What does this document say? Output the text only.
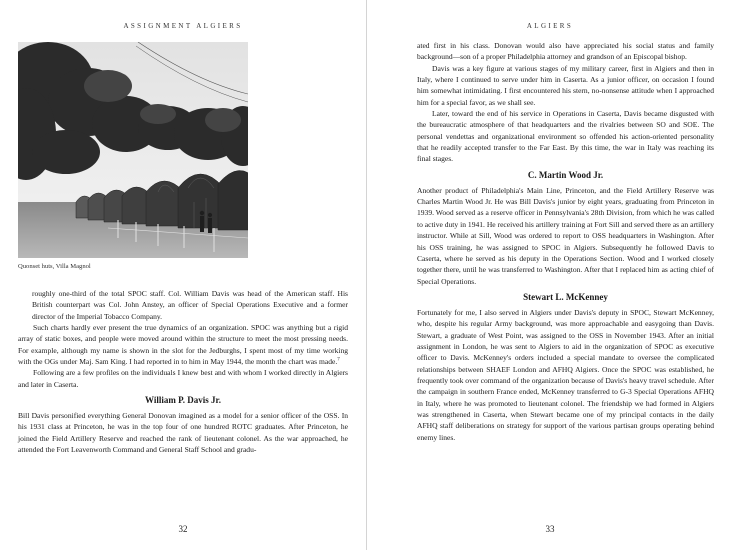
ASSIGNMENT ALGIERS
Quonset huts, Villa Magnol

roughly one-third of the total SPOC staff. Col. William Davis was head of the American staff. His British counterpart was Col. John Anstey, an officer of Special Operations Executive and a former director of the Imperial Tobacco Company.

Such charts hardly ever present the true dynamics of an organization. SPOC was anything but a rigid array of static boxes, and people were moved around within the structure to meet the most pressing needs. For example, although my name is shown in the slot for the Jedburghs, I spent most of my time working with the OGs under Maj. Sam King. I had reported in to him in May 1944, the month the chart was made.$^7$

Following are a few profiles on the individuals I knew best and with whom I worked directly in Algiers and later in Caserta.

William P. Davis Jr.

Bill Davis personified everything General Donovan imagined as a model for a senior officer of the OSS. In his 1931 class at Princeton, he was in the top four of one hundred ROTC graduates. After Princeton, he joined the Field Artillery Reserve and reached the rank of lieutenant colonel. As the war approached, he attended the Fort Leavenworth Command and General Staff School and gradu-

32
ALGIERS

ated first in his class. Donovan would also have appreciated his social status and family background—son of a proper Philadelphia attorney and grandson of an Episcopal bishop.

Davis was a key figure at various stages of my military career, first in Algiers and then in Italy, where I continued to serve under him in Caserta. As a junior officer, on occasion I found him somewhat intimidating. I first encountered his stern, no-nonsense attitude when I approached him for a special favor, as we shall see.

Later, toward the end of his service in Operations in Caserta, Davis became disgusted with the bureaucratic atmosphere of that headquarters and the rivalries between SO and SOE. The personal vendettas and organizational environment so offended his action-oriented personality that he readily accepted transfer to the Far East. By this time, the war in Italy was reaching its final stages.

C. Martin Wood Jr.

Another product of Philadelphia's Main Line, Princeton, and the Field Artillery Reserve was Charles Martin Wood Jr. He was Bill Davis's junior by eight years, graduating from Princeton in 1939. Wood served as a reserve officer in Pennsylvania's 28th Division, from which he was called to active duty in 1941. He received his artillery training at Fort Sill and served there as an artillery instructor. While at Sill, Wood was ordered to report to OSS headquarters in Washington. After his OSS training, he was assigned to SPOC in Algiers. Subsequently he followed Davis to Caserta, where he served as his deputy in the Operations Section. Wood and I worked closely together there, until he was transferred to Washington. After that I replaced him as acting chief of Special Operations.

Stewart L. McKenney

Fortunately for me, I also served in Algiers under Davis's deputy in SPOC, Stewart McKenney, who, despite his regular Army background, was more approachable and easygoing than Davis. Stewart, a graduate of West Point, was assigned to the OSS in November 1943. After an initial assignment in London, he was sent to Algiers to aid in the organization of SPOC as executive officer to Davis. McKenney's orders included a special mandate to oversee the complicated relationships between SHAEF London and AFHQ Algiers. Once the SPOC was established, he frequently took over command of the organization because of Davis's heavy travel schedule. After the campaign in southern France ended, McKenney transferred to G-3 Special Operations AFHQ in Italy, where he was promoted to lieutenant colonel. The friendship we had formed in Algiers was strengthened in Caserta, when Stewart became one of my principal contacts in the daily AFHQ staff deliberations on strategy for support of the various partisan groups operating behind enemy lines.

33
